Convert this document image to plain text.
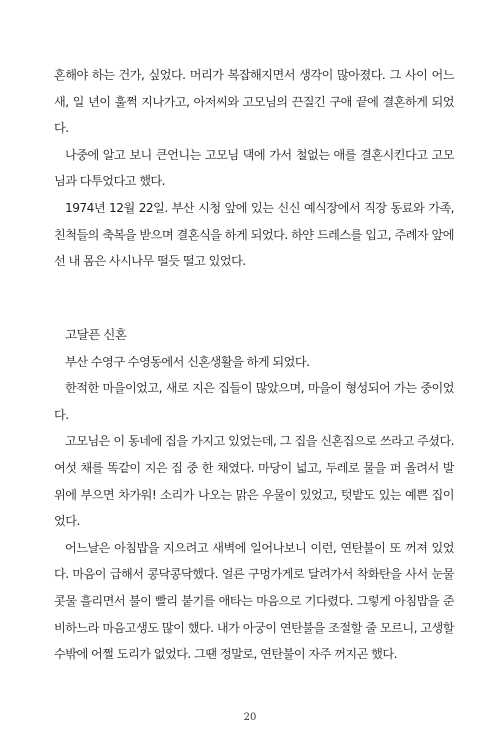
혼해야 하는 건가, 싶었다. 머리가 복잡해지면서 생각이 많아졌다. 그 사이 어느새, 일 년이 훌쩍 지나가고, 아저씨와 고모님의 끈질긴 구애 끝에 결혼하게 되었다.

나중에 알고 보니 큰언니는 고모님 댁에 가서 철없는 애를 결혼시킨다고 고모님과 다투었다고 했다.

1974년 12월 22일. 부산 시청 앞에 있는 신신 예식장에서 직장 동료와 가족, 친척들의 축복을 받으며 결혼식을 하게 되었다. 하얀 드레스를 입고, 주례자 앞에 선 내 몸은 사시나무 떨듯 떨고 있었다.

고달픈 신혼

부산 수영구 수영동에서 신혼생활을 하게 되었다.

한적한 마을이었고, 새로 지은 집들이 많았으며, 마을이 형성되어 가는 중이었다.

고모님은 이 동네에 집을 가지고 있었는데, 그 집을 신혼집으로 쓰라고 주셨다. 여섯 채를 똑같이 지은 집 중 한 채였다. 마당이 넓고, 두레로 물을 퍼 올려서 발 위에 부으면 차가워! 소리가 나오는 맑은 우물이 있었고, 텃밭도 있는 예쁜 집이었다.

어느날은 아침밥을 지으려고 새벽에 일어나보니 이런, 연탄불이 또 꺼져 있었다. 마음이 급해서 콩닥콩닥했다. 얼른 구멍가게로 달려가서 착화탄을 사서 눈물 콧물 흘리면서 불이 빨리 붙기를 애타는 마음으로 기다렸다. 그렇게 아침밥을 준비하느라 마음고생도 많이 했다. 내가 아궁이 연탄불을 조절할 줄 모르니, 고생할 수밖에 어쩔 도리가 없었다. 그땐 정말로, 연탄불이 자주 꺼지곤 했다.

20
